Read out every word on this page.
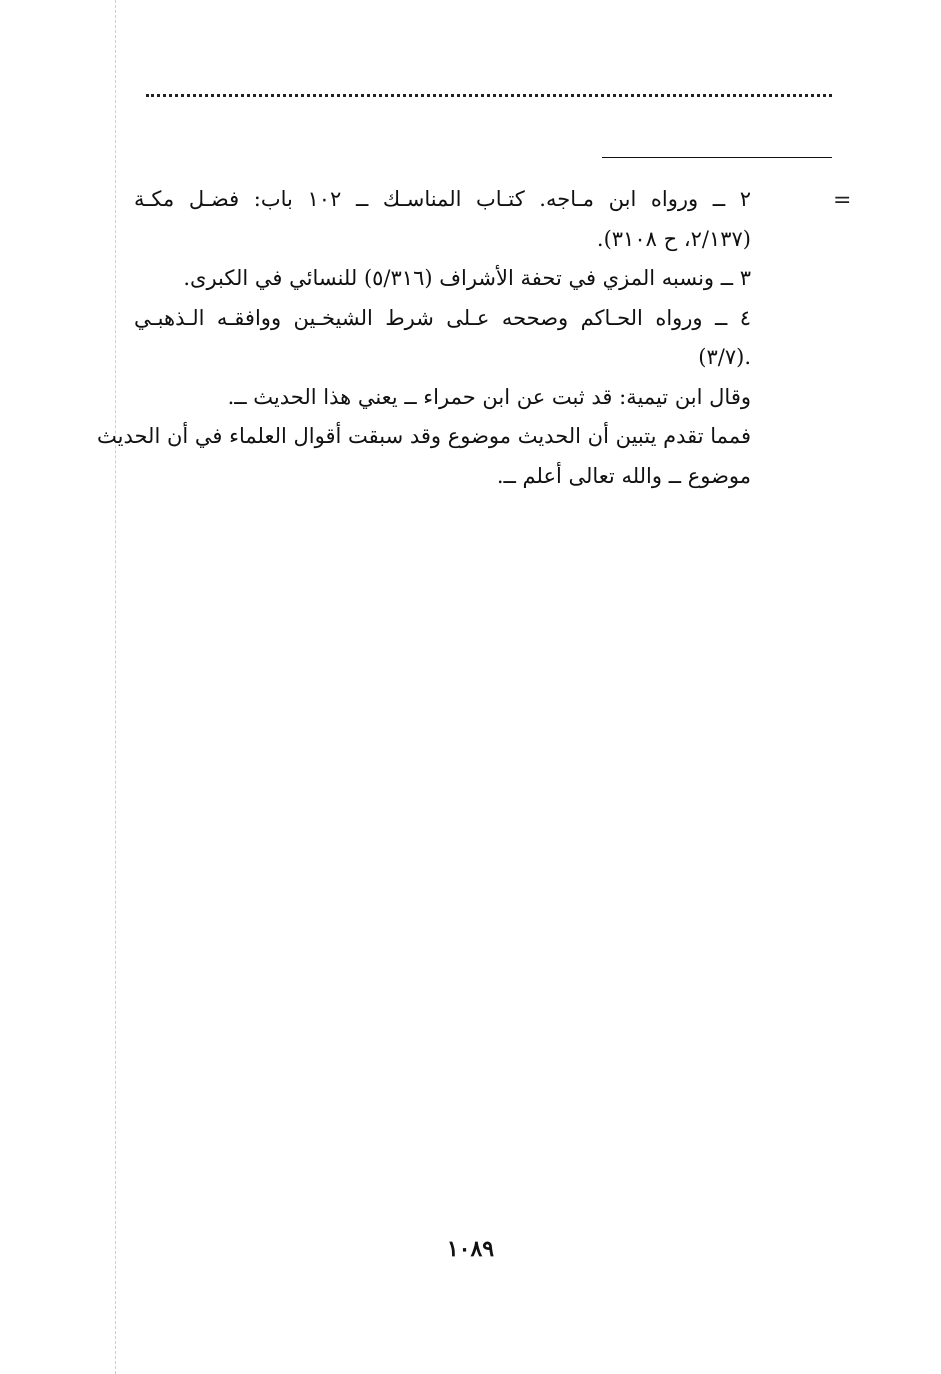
=
٢ ــ ورواه ابن مـاجه. كتـاب المناسـك ــ ١٠٢ باب: فضـل مكـة
(٢/١٣٧، ح ٣١٠٨).
٣ ــ ونسبه المزي في تحفة الأشراف (٥/٣١٦) للنسائي في الكبرى.
٤ ــ ورواه الحـاكم وصححه عـلى شرط الشيخـين ووافقـه الـذهبـي
.(٣/٧)
وقال ابن تيمية: قد ثبت عن ابن حمراء ــ يعني هذا الحديث ــ.
فمما تقدم يتبين أن الحديث موضوع وقد سبقت أقوال العلماء في أن الحديث
موضوع ــ والله تعالى أعلم ــ.
١٠٨٩
